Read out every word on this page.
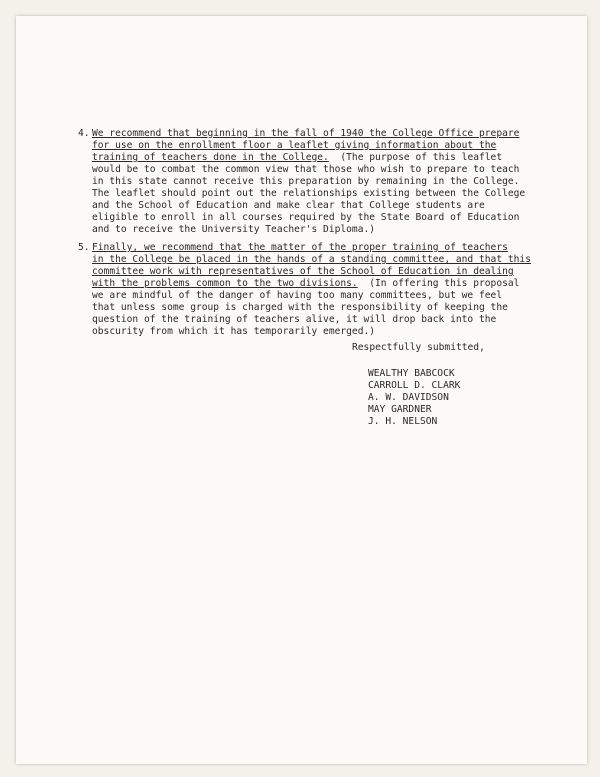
4. We recommend that beginning in the fall of 1940 the College Office prepare
for use on the enrollment floor a leaflet giving information about the
training of teachers done in the College.  (The purpose of this leaflet
would be to combat the common view that those who wish to prepare to teach
in this state cannot receive this preparation by remaining in the College.
The leaflet should point out the relationships existing between the College
and the School of Education and make clear that College students are
eligible to enroll in all courses required by the State Board of Education
and to receive the University Teacher's Diploma.)
5. Finally, we recommend that the matter of the proper training of teachers
in the College be placed in the hands of a standing committee, and that this
committee work with representatives of the School of Education in dealing
with the problems common to the two divisions.  (In offering this proposal
we are mindful of the danger of having too many committees, but we feel
that unless some group is charged with the responsibility of keeping the
question of the training of teachers alive, it will drop back into the
obscurity from which it has temporarily emerged.)
Respectfully submitted,
WEALTHY BABCOCK
CARROLL D. CLARK
A. W. DAVIDSON
MAY GARDNER
J. H. NELSON
